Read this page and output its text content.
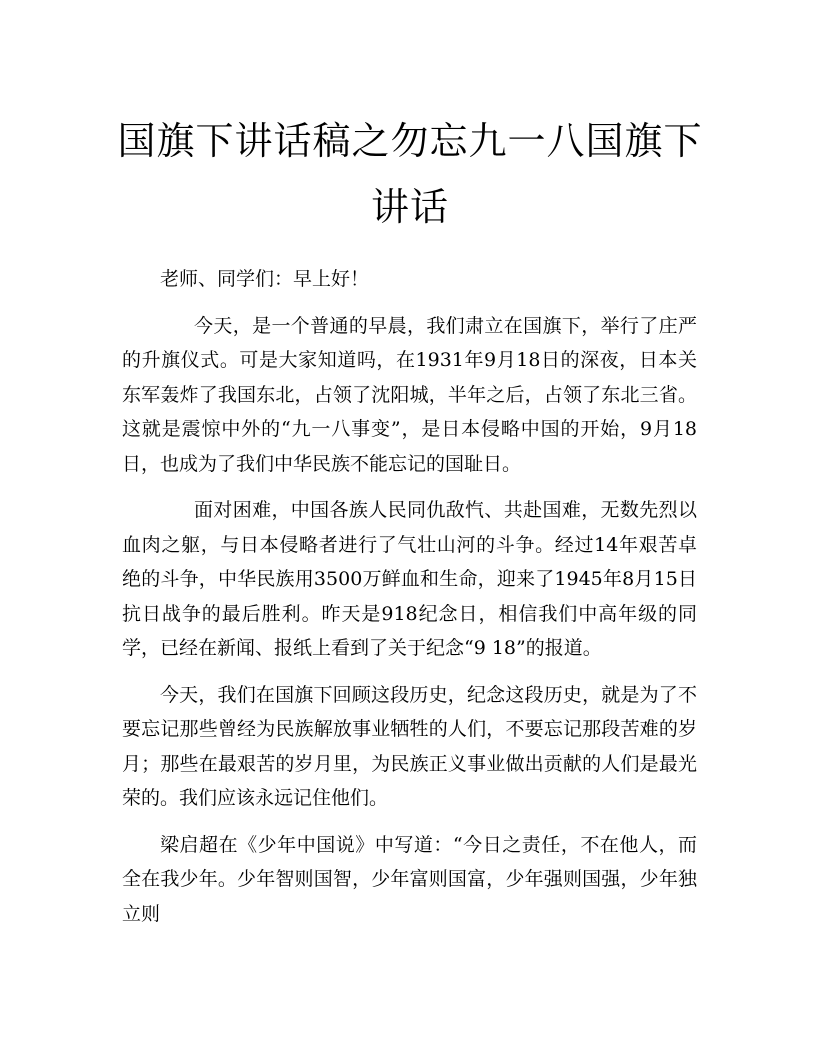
国旗下讲话稿之勿忘九一八国旗下讲话

老师、同学们：早上好！

今天，是一个普通的早晨，我们肃立在国旗下，举行了庄严的升旗仪式。可是大家知道吗，在1931年9月18日的深夜，日本关东军轰炸了我国东北，占领了沈阳城，半年之后，占领了东北三省。这就是震惊中外的“九一八事变”，是日本侵略中国的开始，9月18日，也成为了我们中华民族不能忘记的国耻日。

面对困难，中国各族人民同仇敌忾、共赴国难，无数先烈以血肉之躯，与日本侵略者进行了气壮山河的斗争。经过14年艰苦卓绝的斗争，中华民族用3500万鲜血和生命，迎来了1945年8月15日抗日战争的最后胜利。昨天是918纪念日，相信我们中高年级的同学，已经在新闻、报纸上看到了关于纪念“9 18”的报道。

今天，我们在国旗下回顾这段历史，纪念这段历史，就是为了不要忘记那些曾经为民族解放事业牺牲的人们，不要忘记那段苦难的岁月；那些在最艰苦的岁月里，为民族正义事业做出贡献的人们是最光荣的。我们应该永远记住他们。

梁启超在《少年中国说》中写道：“今日之责任，不在他人，而全在我少年。少年智则国智，少年富则国富，少年强则国强，少年独立则
